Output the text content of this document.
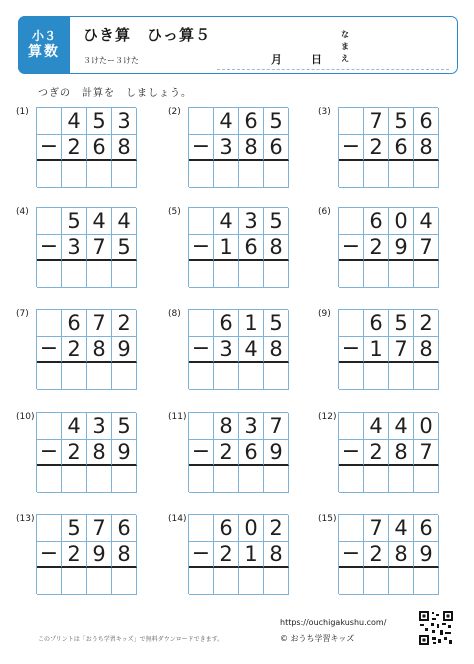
小３
算数
ひき算　ひっ算５
３けたー３けた
な
ま
え
月	日
つぎの　計算を　しましょう。
(1) 4 5 3
− 2 6 8
(2) 4 6 5
− 3 8 6
(3) 7 5 6
− 2 6 8
(4) 5 4 4
− 3 7 5
(5) 4 3 5
− 1 6 8
(6) 6 0 4
− 2 9 7
(7) 6 7 2
− 2 8 9
(8) 6 1 5
− 3 4 8
(9) 6 5 2
− 1 7 8
(10) 4 3 5
− 2 8 9
(11) 8 3 7
− 2 6 9
(12) 4 4 0
− 2 8 7
(13) 5 7 6
− 2 9 8
(14) 6 0 2
− 2 1 8
(15) 7 4 6
− 2 8 9
このプリントは「おうち学習キッズ」で無料ダウンロードできます。
https://ouchigakushu.com/
© おうち学習キッズ
